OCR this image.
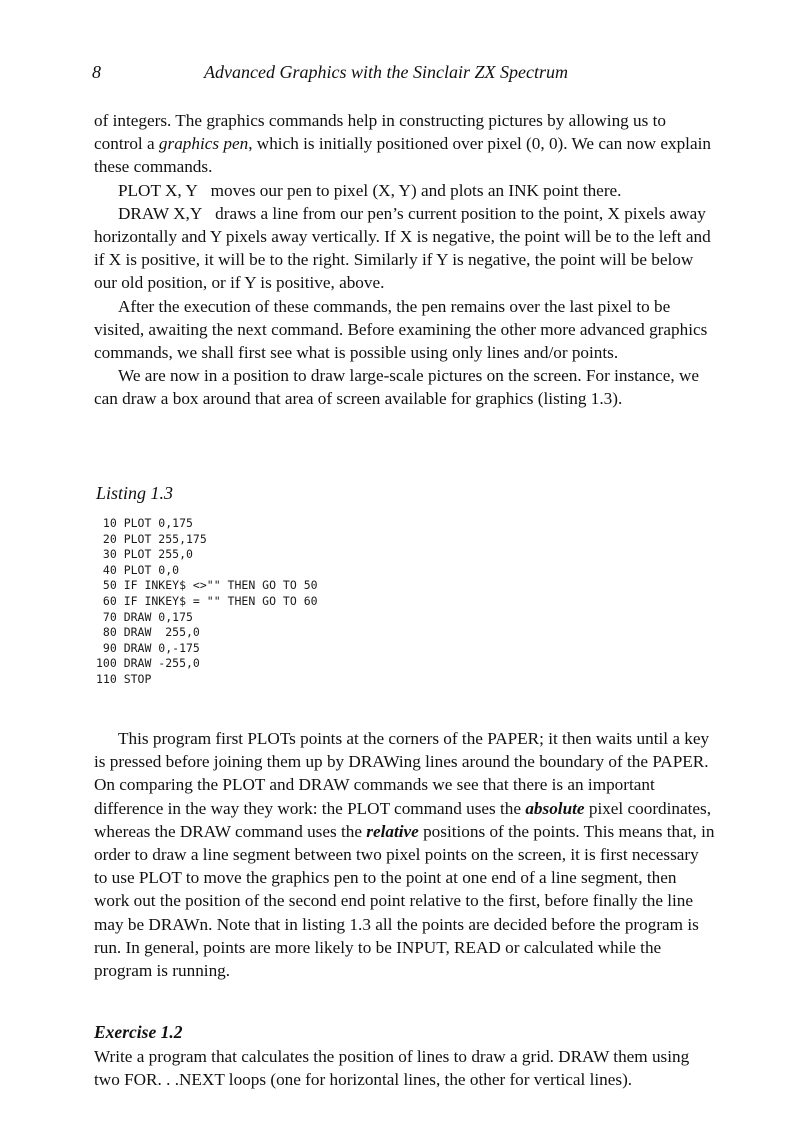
8	Advanced Graphics with the Sinclair ZX Spectrum

of integers. The graphics commands help in constructing pictures by allowing us to control a graphics pen, which is initially positioned over pixel (0, 0). We can now explain these commands.

PLOT X, Y moves our pen to pixel (X, Y) and plots an INK point there.

DRAW X,Y draws a line from our pen’s current position to the point, X pixels away horizontally and Y pixels away vertically. If X is negative, the point will be to the left and if X is positive, it will be to the right. Similarly if Y is negative, the point will be below our old position, or if Y is positive, above.

After the execution of these commands, the pen remains over the last pixel to be visited, awaiting the next command. Before examining the other more advanced graphics commands, we shall first see what is possible using only lines and/or points.

We are now in a position to draw large-scale pictures on the screen. For instance, we can draw a box around that area of screen available for graphics (listing 1.3).

Listing 1.3
10 PLOT 0,175
20 PLOT 255,175
30 PLOT 255,0
40 PLOT 0,0
50 IF INKEY$ <>"" THEN GO TO 50
60 IF INKEY$ = "" THEN GO TO 60
70 DRAW 0,175
80 DRAW  255,0
90 DRAW 0,-175
100 DRAW -255,0
110 STOP

This program first PLOTs points at the corners of the PAPER; it then waits until a key is pressed before joining them up by DRAWing lines around the boundary of the PAPER. On comparing the PLOT and DRAW commands we see that there is an important difference in the way they work: the PLOT command uses the absolute pixel coordinates, whereas the DRAW command uses the relative positions of the points. This means that, in order to draw a line segment between two pixel points on the screen, it is first necessary to use PLOT to move the graphics pen to the point at one end of a line segment, then work out the position of the second end point relative to the first, before finally the line may be DRAWn. Note that in listing 1.3 all the points are decided before the program is run. In general, points are more likely to be INPUT, READ or calculated while the program is running.

Exercise 1.2

Write a program that calculates the position of lines to draw a grid. DRAW them using two FOR. . .NEXT loops (one for horizontal lines, the other for vertical lines).
